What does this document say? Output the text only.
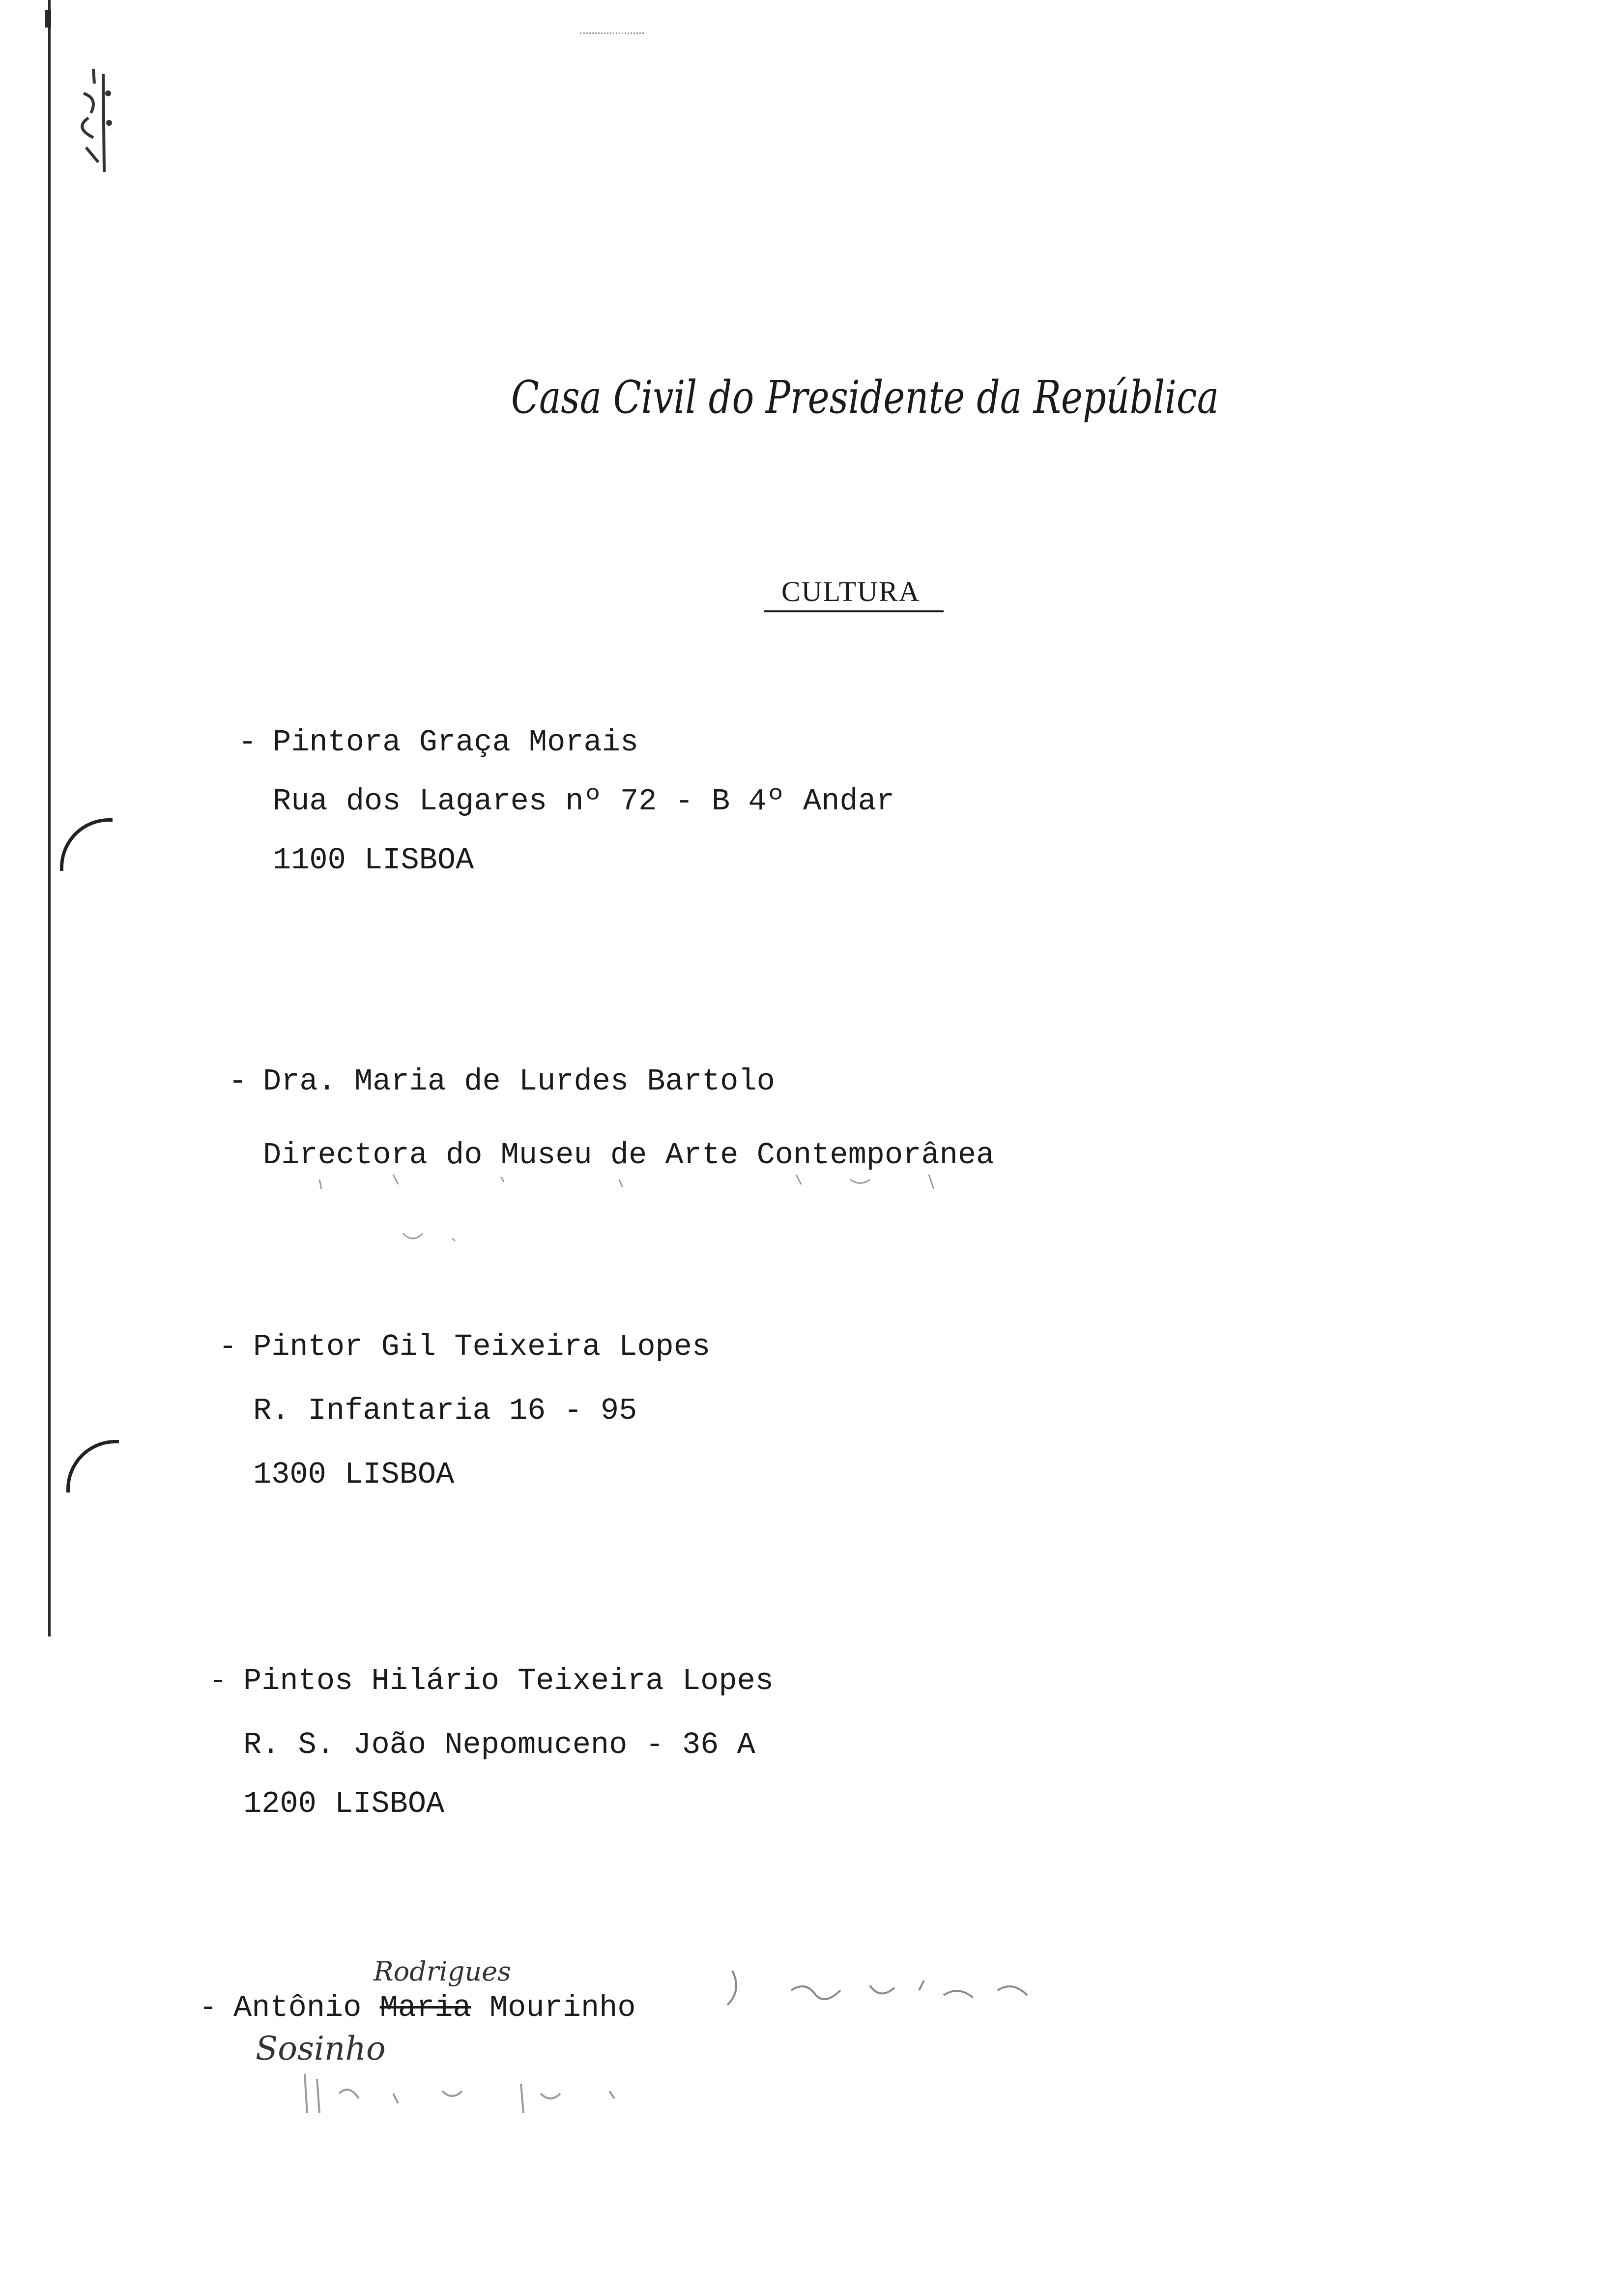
Casa Civil do Presidente da República
CULTURA
- Pintora Graça Morais
Rua dos Lagares nº 72 - B 4º Andar
1100 LISBOA
- Dra. Maria de Lurdes Bartolo
Directora do Museu de Arte Contemporânea
- Pintor Gil Teixeira Lopes
R. Infantaria 16 - 95
1300 LISBOA
- Pintos Hilário Teixeira Lopes
R. S. João Nepomuceno - 36 A
1200 LISBOA
- Antônio Maria Mourinho
Rodrigues
Sosinho
